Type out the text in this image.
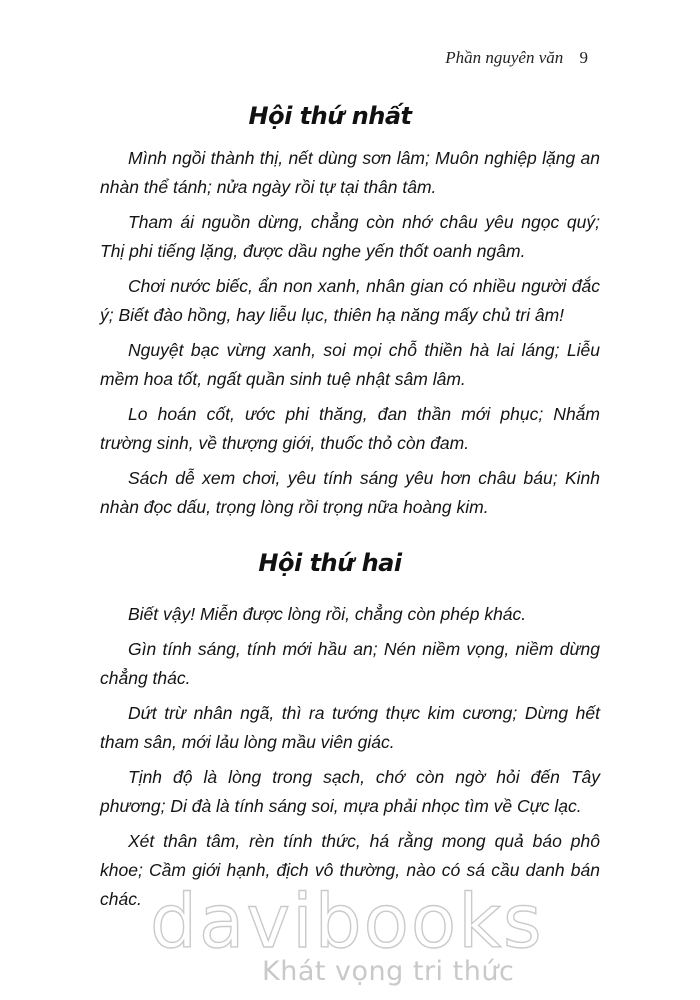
Phần nguyên văn 9
Hội thứ nhất

Mình ngồi thành thị, nết dùng sơn lâm; Muôn nghiệp lặng an nhàn thể tánh; nửa ngày rồi tự tại thân tâm.

Tham ái nguồn dừng, chẳng còn nhớ châu yêu ngọc quý; Thị phi tiếng lặng, được dầu nghe yến thốt oanh ngâm.

Chơi nước biếc, ẩn non xanh, nhân gian có nhiều người đắc ý; Biết đào hồng, hay liễu lục, thiên hạ năng mấy chủ tri âm!

Nguyệt bạc vừng xanh, soi mọi chỗ thiền hà lai láng; Liễu mềm hoa tốt, ngất quần sinh tuệ nhật sâm lâm.

Lo hoán cốt, ước phi thăng, đan thần mới phục; Nhắm trường sinh, về thượng giới, thuốc thỏ còn đam.

Sách dễ xem chơi, yêu tính sáng yêu hơn châu báu; Kinh nhàn đọc dấu, trọng lòng rồi trọng nữa hoàng kim.

Hội thứ hai

Biết vậy! Miễn được lòng rồi, chẳng còn phép khác.

Gìn tính sáng, tính mới hầu an; Nén niềm vọng, niềm dừng chẳng thác.

Dứt trừ nhân ngã, thì ra tướng thực kim cương; Dừng hết tham sân, mới lảu lòng mầu viên giác.

Tịnh độ là lòng trong sạch, chớ còn ngờ hỏi đến Tây phương; Di đà là tính sáng soi, mựa phải nhọc tìm về Cực lạc.

Xét thân tâm, rèn tính thức, há rằng mong quả báo phô khoe; Cầm giới hạnh, địch vô thường, nào có sá cầu danh bán chác. davibooks
Khát vọng tri thức
